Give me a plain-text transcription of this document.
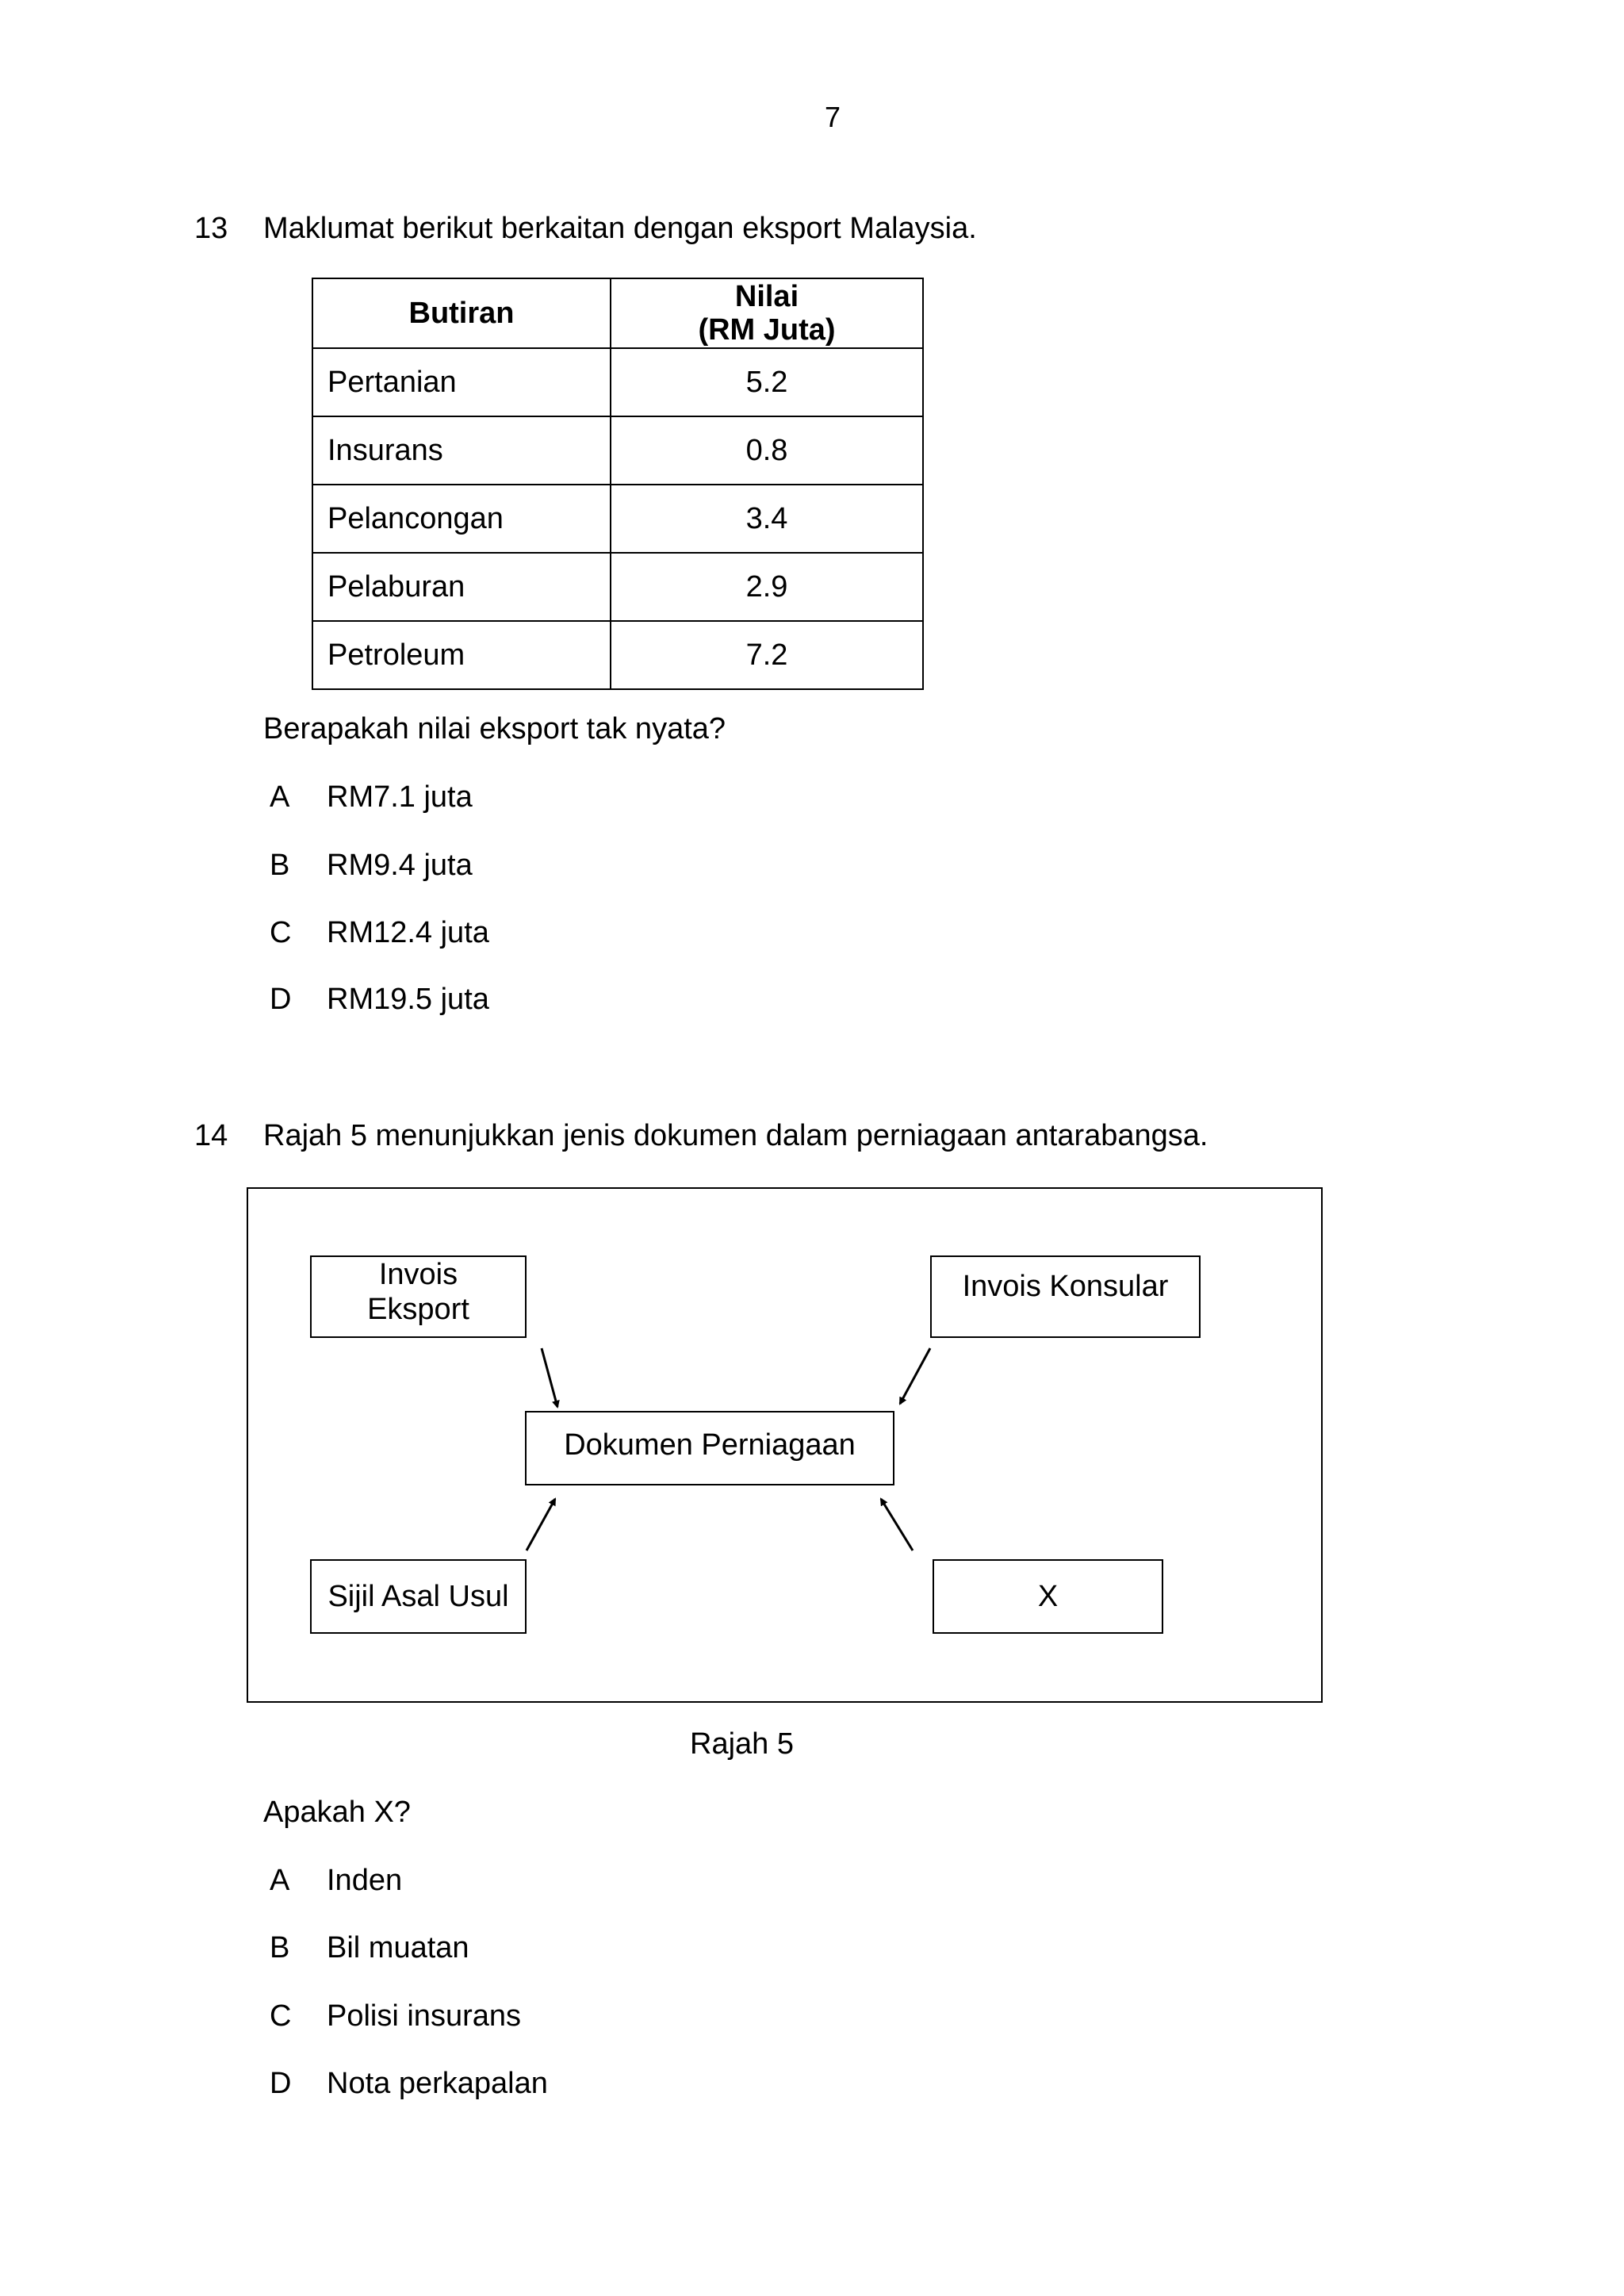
7
13 Maklumat berikut berkaitan dengan eksport Malaysia.
Butiran	Nilai
(RM Juta)

Pertanian	5.2
Insurans	0.8
Pelancongan	3.4
Pelaburan	2.9
Petroleum	7.2
Berapakah nilai eksport tak nyata?
A RM7.1 juta
B RM9.4 juta
C RM12.4 juta
D RM19.5 juta
14 Rajah 5 menunjukkan jenis dokumen dalam perniagaan antarabangsa.
Invois
Eksport
Invois Konsular
Dokumen Perniagaan
Sijil Asal Usul	X
Rajah 5
Apakah X?
A Inden
B Bil muatan
C Polisi insurans
D Nota perkapalan
